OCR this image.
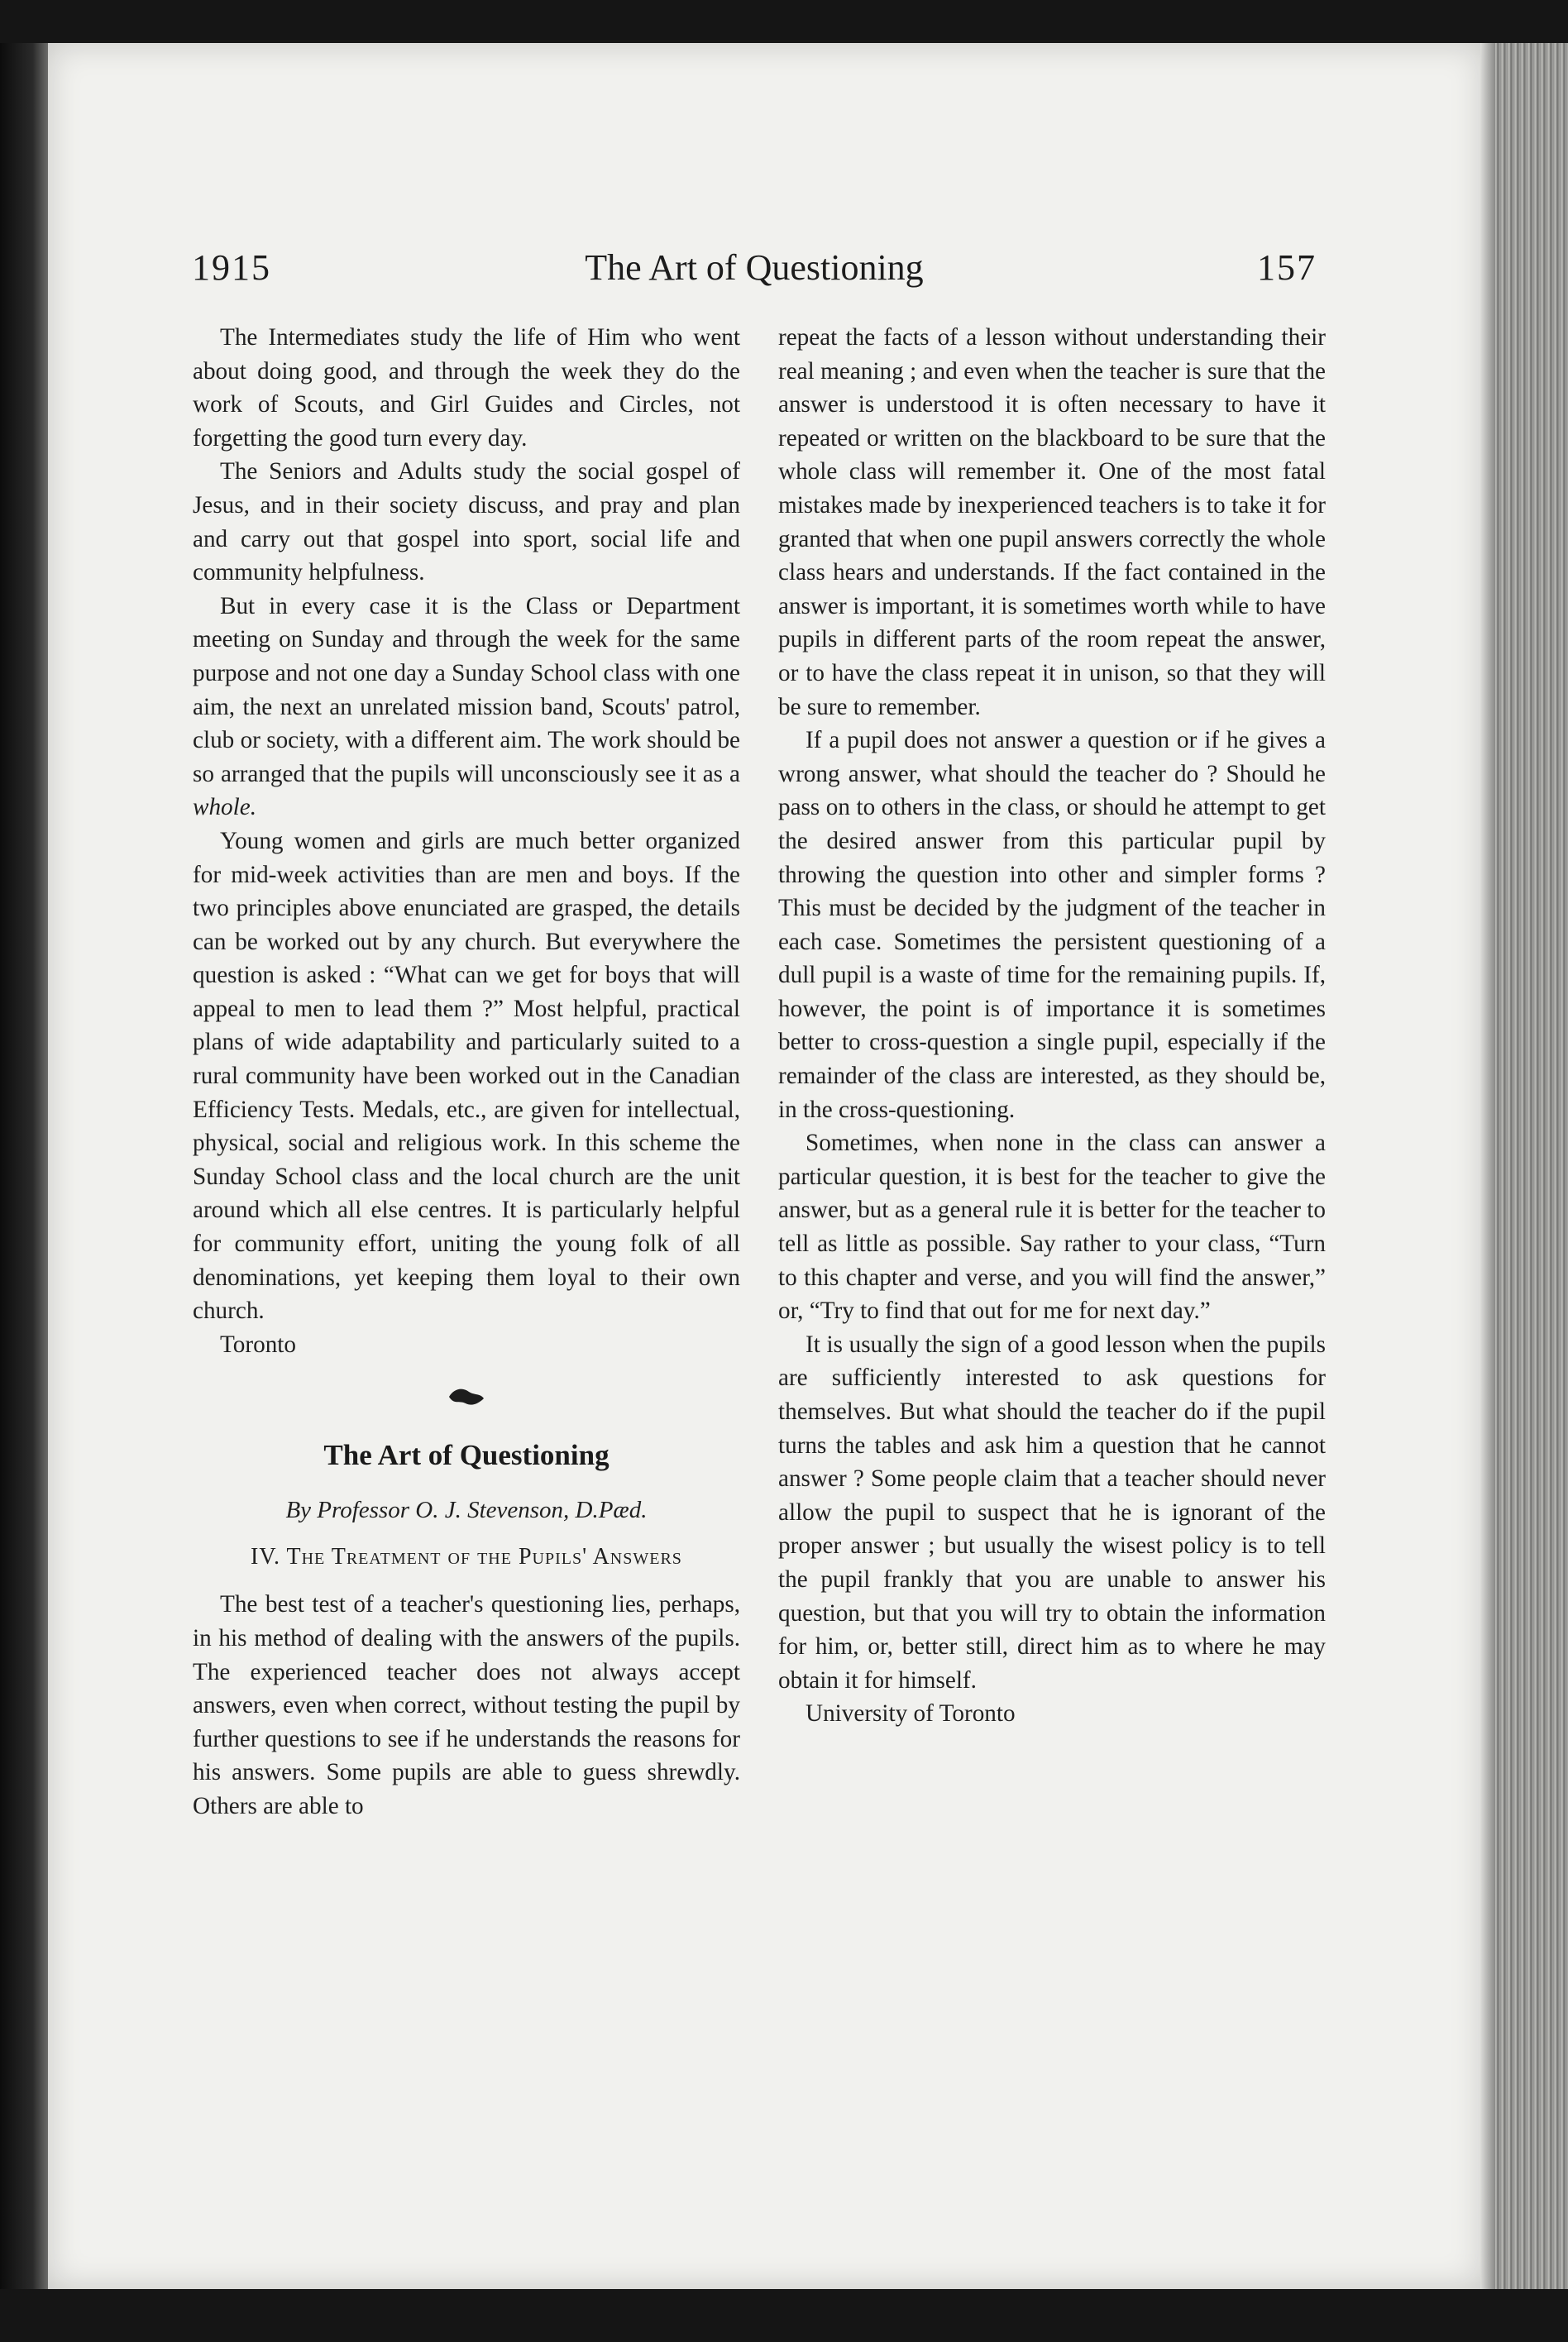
1915	The Art of Questioning	157

The Intermediates study the life of Him who went about doing good, and through the week they do the work of Scouts, and Girl Guides and Circles, not forgetting the good turn every day.

The Seniors and Adults study the social gospel of Jesus, and in their society discuss, and pray and plan and carry out that gospel into sport, social life and community helpfulness.

But in every case it is the Class or Department meeting on Sunday and through the week for the same purpose and not one day a Sunday School class with one aim, the next an unrelated mission band, Scouts' patrol, club or society, with a different aim. The work should be so arranged that the pupils will unconsciously see it as a whole.

Young women and girls are much better organized for mid-week activities than are men and boys. If the two principles above enunciated are grasped, the details can be worked out by any church. But everywhere the question is asked : “What can we get for boys that will appeal to men to lead them ?” Most helpful, practical plans of wide adaptability and particularly suited to a rural community have been worked out in the Canadian Efficiency Tests. Medals, etc., are given for intellectual, physical, social and religious work. In this scheme the Sunday School class and the local church are the unit around which all else centres. It is particularly helpful for community effort, uniting the young folk of all denominations, yet keeping them loyal to their own church.

Toronto

The Art of Questioning

By Professor O. J. Stevenson, D.Pæd.

IV. The Treatment of the Pupils' Answers

The best test of a teacher's questioning lies, perhaps, in his method of dealing with the answers of the pupils. The experienced teacher does not always accept answers, even when correct, without testing the pupil by further questions to see if he understands the reasons for his answers. Some pupils are able to guess shrewdly. Others are able to

repeat the facts of a lesson without understanding their real meaning ; and even when the teacher is sure that the answer is understood it is often necessary to have it repeated or written on the blackboard to be sure that the whole class will remember it. One of the most fatal mistakes made by inexperienced teachers is to take it for granted that when one pupil answers correctly the whole class hears and understands. If the fact contained in the answer is important, it is sometimes worth while to have pupils in different parts of the room repeat the answer, or to have the class repeat it in unison, so that they will be sure to remember.

If a pupil does not answer a question or if he gives a wrong answer, what should the teacher do ? Should he pass on to others in the class, or should he attempt to get the desired answer from this particular pupil by throwing the question into other and simpler forms ? This must be decided by the judgment of the teacher in each case. Sometimes the persistent questioning of a dull pupil is a waste of time for the remaining pupils. If, however, the point is of importance it is sometimes better to cross-question a single pupil, especially if the remainder of the class are interested, as they should be, in the cross-questioning.

Sometimes, when none in the class can answer a particular question, it is best for the teacher to give the answer, but as a general rule it is better for the teacher to tell as little as possible. Say rather to your class, “Turn to this chapter and verse, and you will find the answer,” or, “Try to find that out for me for next day.”

It is usually the sign of a good lesson when the pupils are sufficiently interested to ask questions for themselves. But what should the teacher do if the pupil turns the tables and ask him a question that he cannot answer ? Some people claim that a teacher should never allow the pupil to suspect that he is ignorant of the proper answer ; but usually the wisest policy is to tell the pupil frankly that you are unable to answer his question, but that you will try to obtain the information for him, or, better still, direct him as to where he may obtain it for himself.

University of Toronto
